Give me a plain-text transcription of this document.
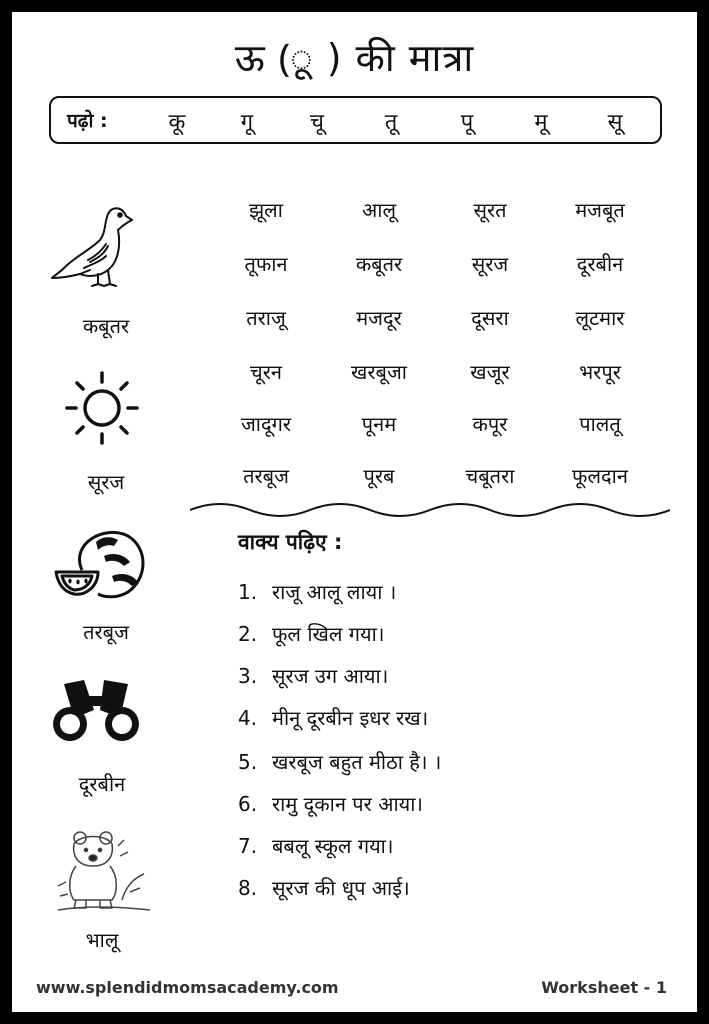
ऊ (ू ) की मात्रा
पढ़ो :	कू	गू	चू	तू	पू	मू	सू
कबूतर
सूरज
तरबूज
दूरबीन
भालू
झूला	आलू	सूरत	मजबूत
तूफान	कबूतर	सूरज	दूरबीन
तराजू	मजदूर	दूसरा	लूटमार
चूरन	खरबूजा	खजूर	भरपूर
जादूगर	पूनम	कपूर	पालतू
तरबूज	पूरब	चबूतरा	फूलदान
वाक्य पढ़िए :
1. राजू आलू लाया ।
2. फूल खिल गया।
3. सूरज उग आया।
4. मीनू दूरबीन इधर रख।
5. खरबूज बहुत मीठा है। ।
6. रामु दूकान पर आया।
7. बबलू स्कूल गया।
8. सूरज की धूप आई।
www.splendidmomsacademy.com	Worksheet - 1
